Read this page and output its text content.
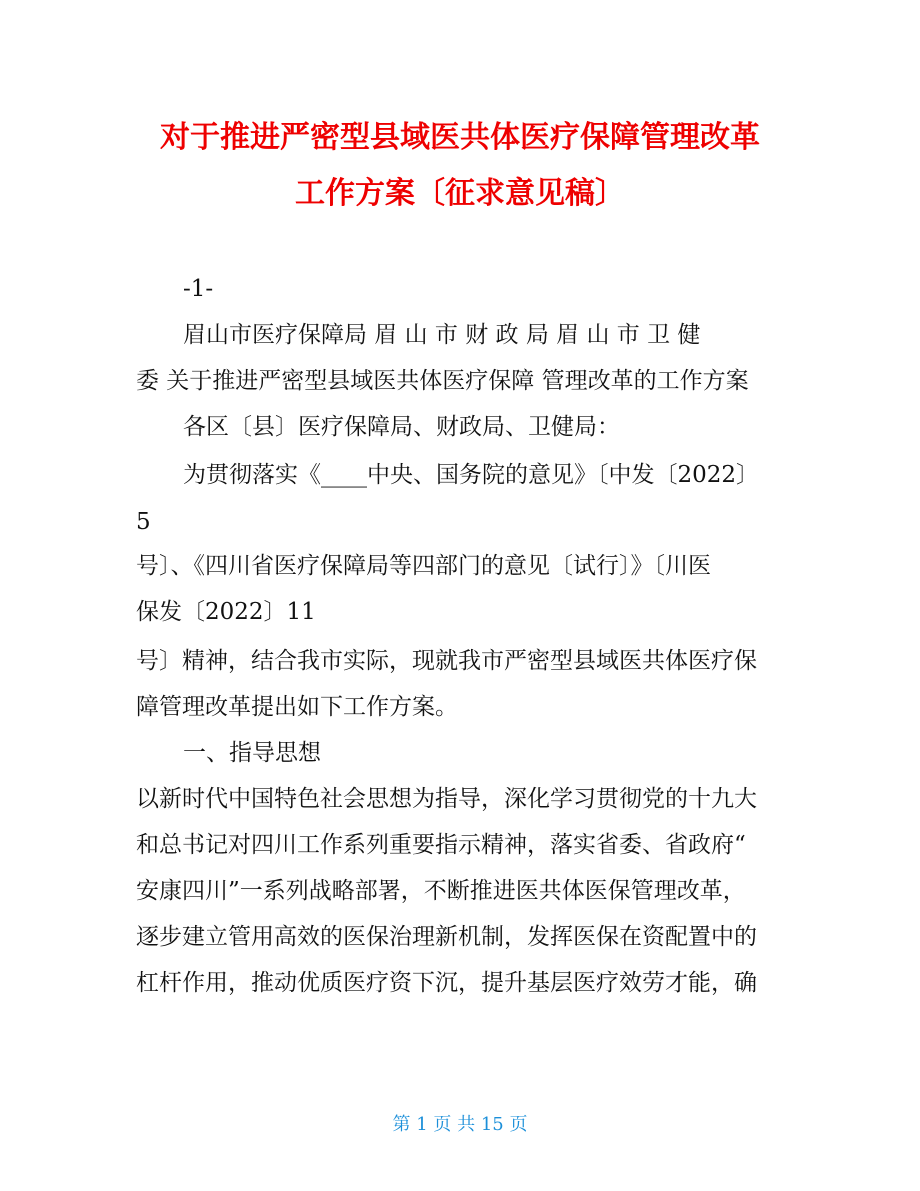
对于推进严密型县域医共体医疗保障管理改革
工作方案〔征求意见稿〕
-1-
眉山市医疗保障局 眉 山 市 财 政 局 眉 山 市 卫 健
委 关于推进严密型县域医共体医疗保障 管理改革的工作方案
各区〔县〕医疗保障局、财政局、卫健局：
为贯彻落实《____中央、国务院的意见》〔中发〔2022〕
5
号〕、《四川省医疗保障局等四部门的意见〔试行〕》〔川医
保发〔2022〕11
号〕精神，结合我市实际，现就我市严密型县域医共体医疗保
障管理改革提出如下工作方案。
一、指导思想
以新时代中国特色社会思想为指导，深化学习贯彻党的十九大
和总书记对四川工作系列重要指示精神，落实省委、省政府“
安康四川”一系列战略部署，不断推进医共体医保管理改革，
逐步建立管用高效的医保治理新机制，发挥医保在资配置中的
杠杆作用，推动优质医疗资下沉，提升基层医疗效劳才能，确
第 1 页 共 15 页
